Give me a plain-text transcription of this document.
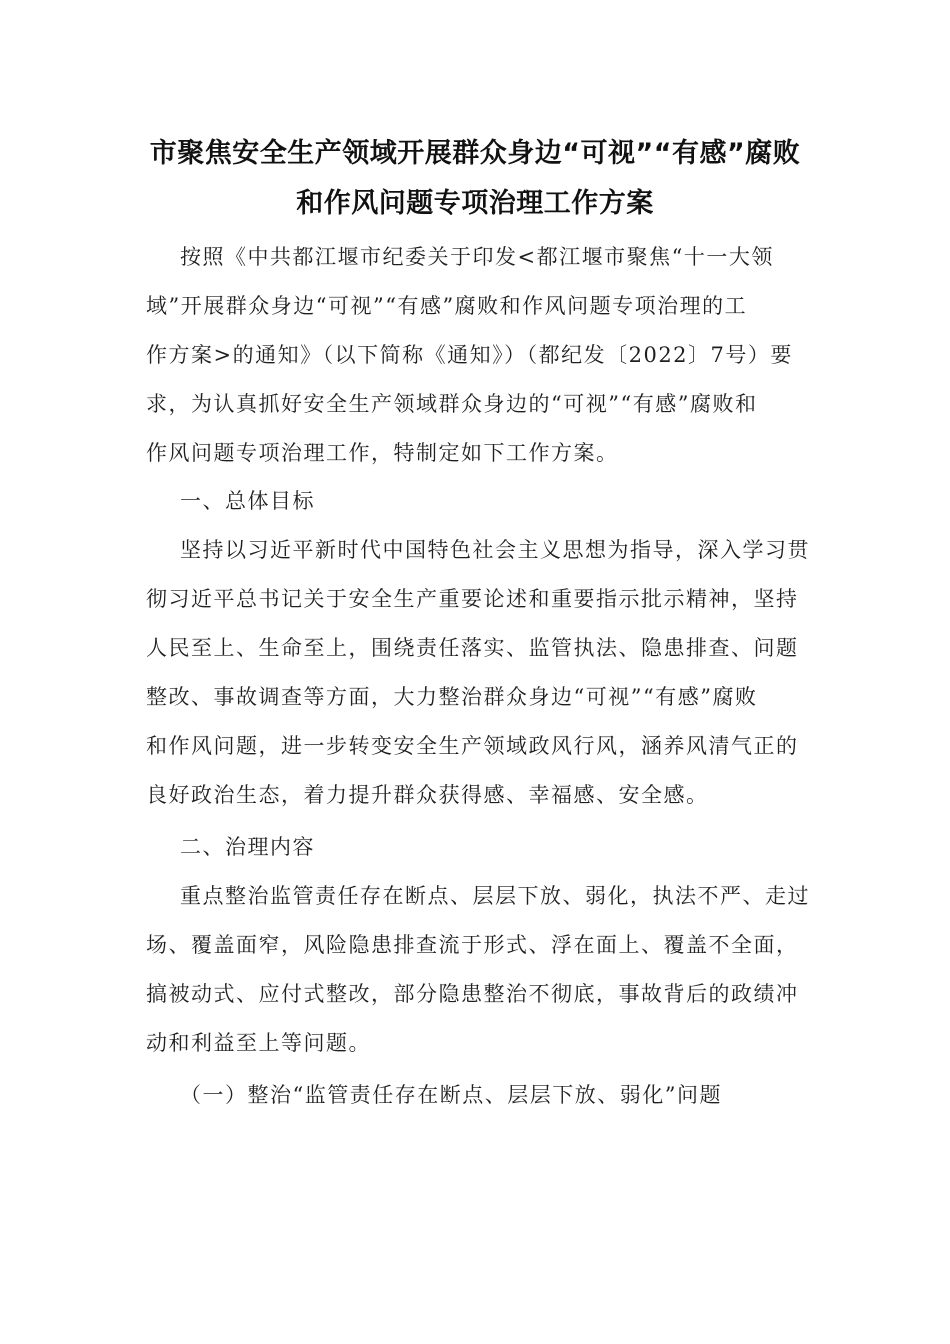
市聚焦安全生产领域开展群众身边“可视”“有感”腐败
和作风问题专项治理工作方案
按照《中共都江堰市纪委关于印发<都江堰市聚焦“十一大领
域”开展群众身边“可视”“有感”腐败和作风问题专项治理的工
作方案>的通知》（以下简称《通知》）（都纪发〔2022〕7号）要
求，为认真抓好安全生产领域群众身边的“可视”“有感”腐败和
作风问题专项治理工作，特制定如下工作方案。
一、总体目标
坚持以习近平新时代中国特色社会主义思想为指导，深入学习贯
彻习近平总书记关于安全生产重要论述和重要指示批示精神，坚持
人民至上、生命至上，围绕责任落实、监管执法、隐患排查、问题
整改、事故调查等方面，大力整治群众身边“可视”“有感”腐败
和作风问题，进一步转变安全生产领域政风行风，涵养风清气正的
良好政治生态，着力提升群众获得感、幸福感、安全感。
二、治理内容
重点整治监管责任存在断点、层层下放、弱化，执法不严、走过
场、覆盖面窄，风险隐患排查流于形式、浮在面上、覆盖不全面，
搞被动式、应付式整改，部分隐患整治不彻底，事故背后的政绩冲
动和利益至上等问题。
（一）整治“监管责任存在断点、层层下放、弱化”问题
